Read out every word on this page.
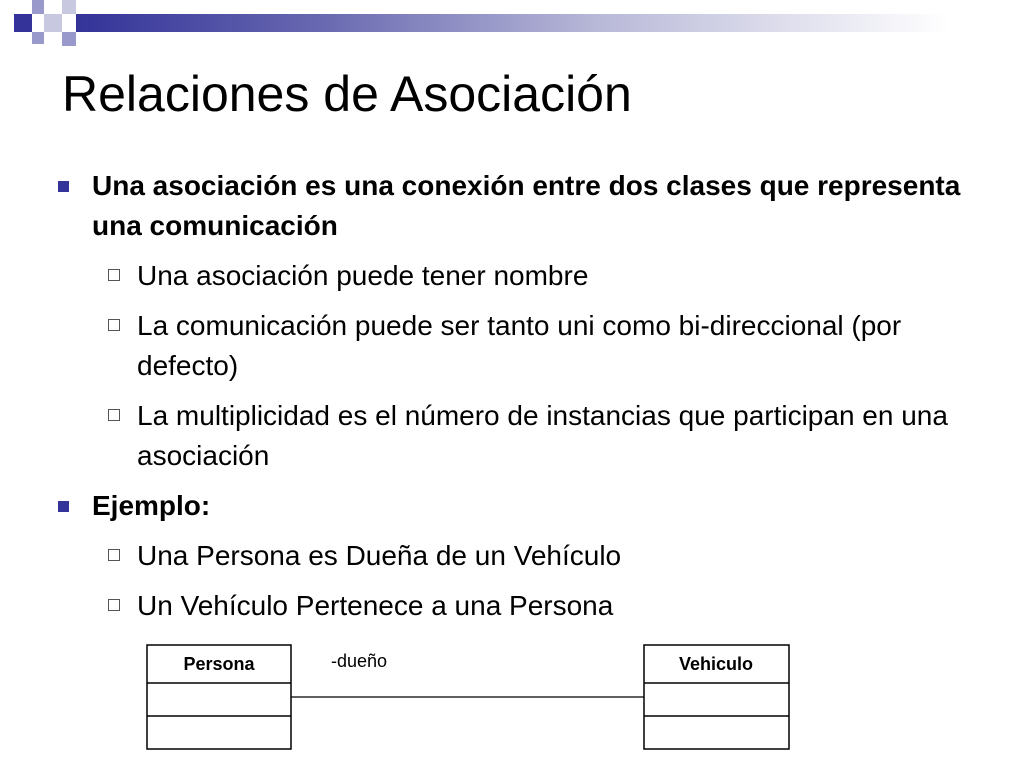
Relaciones de Asociación
Una asociación es una conexión entre dos clases que representa una comunicación
Una asociación puede tener nombre
La comunicación puede ser tanto uni como bi-direccional (por defecto)
La multiplicidad es el número de instancias que participan en una asociación
Ejemplo:
Una Persona es Dueña de un Vehículo
Un Vehículo Pertenece a una Persona
Persona	Vehiculo
-dueño
